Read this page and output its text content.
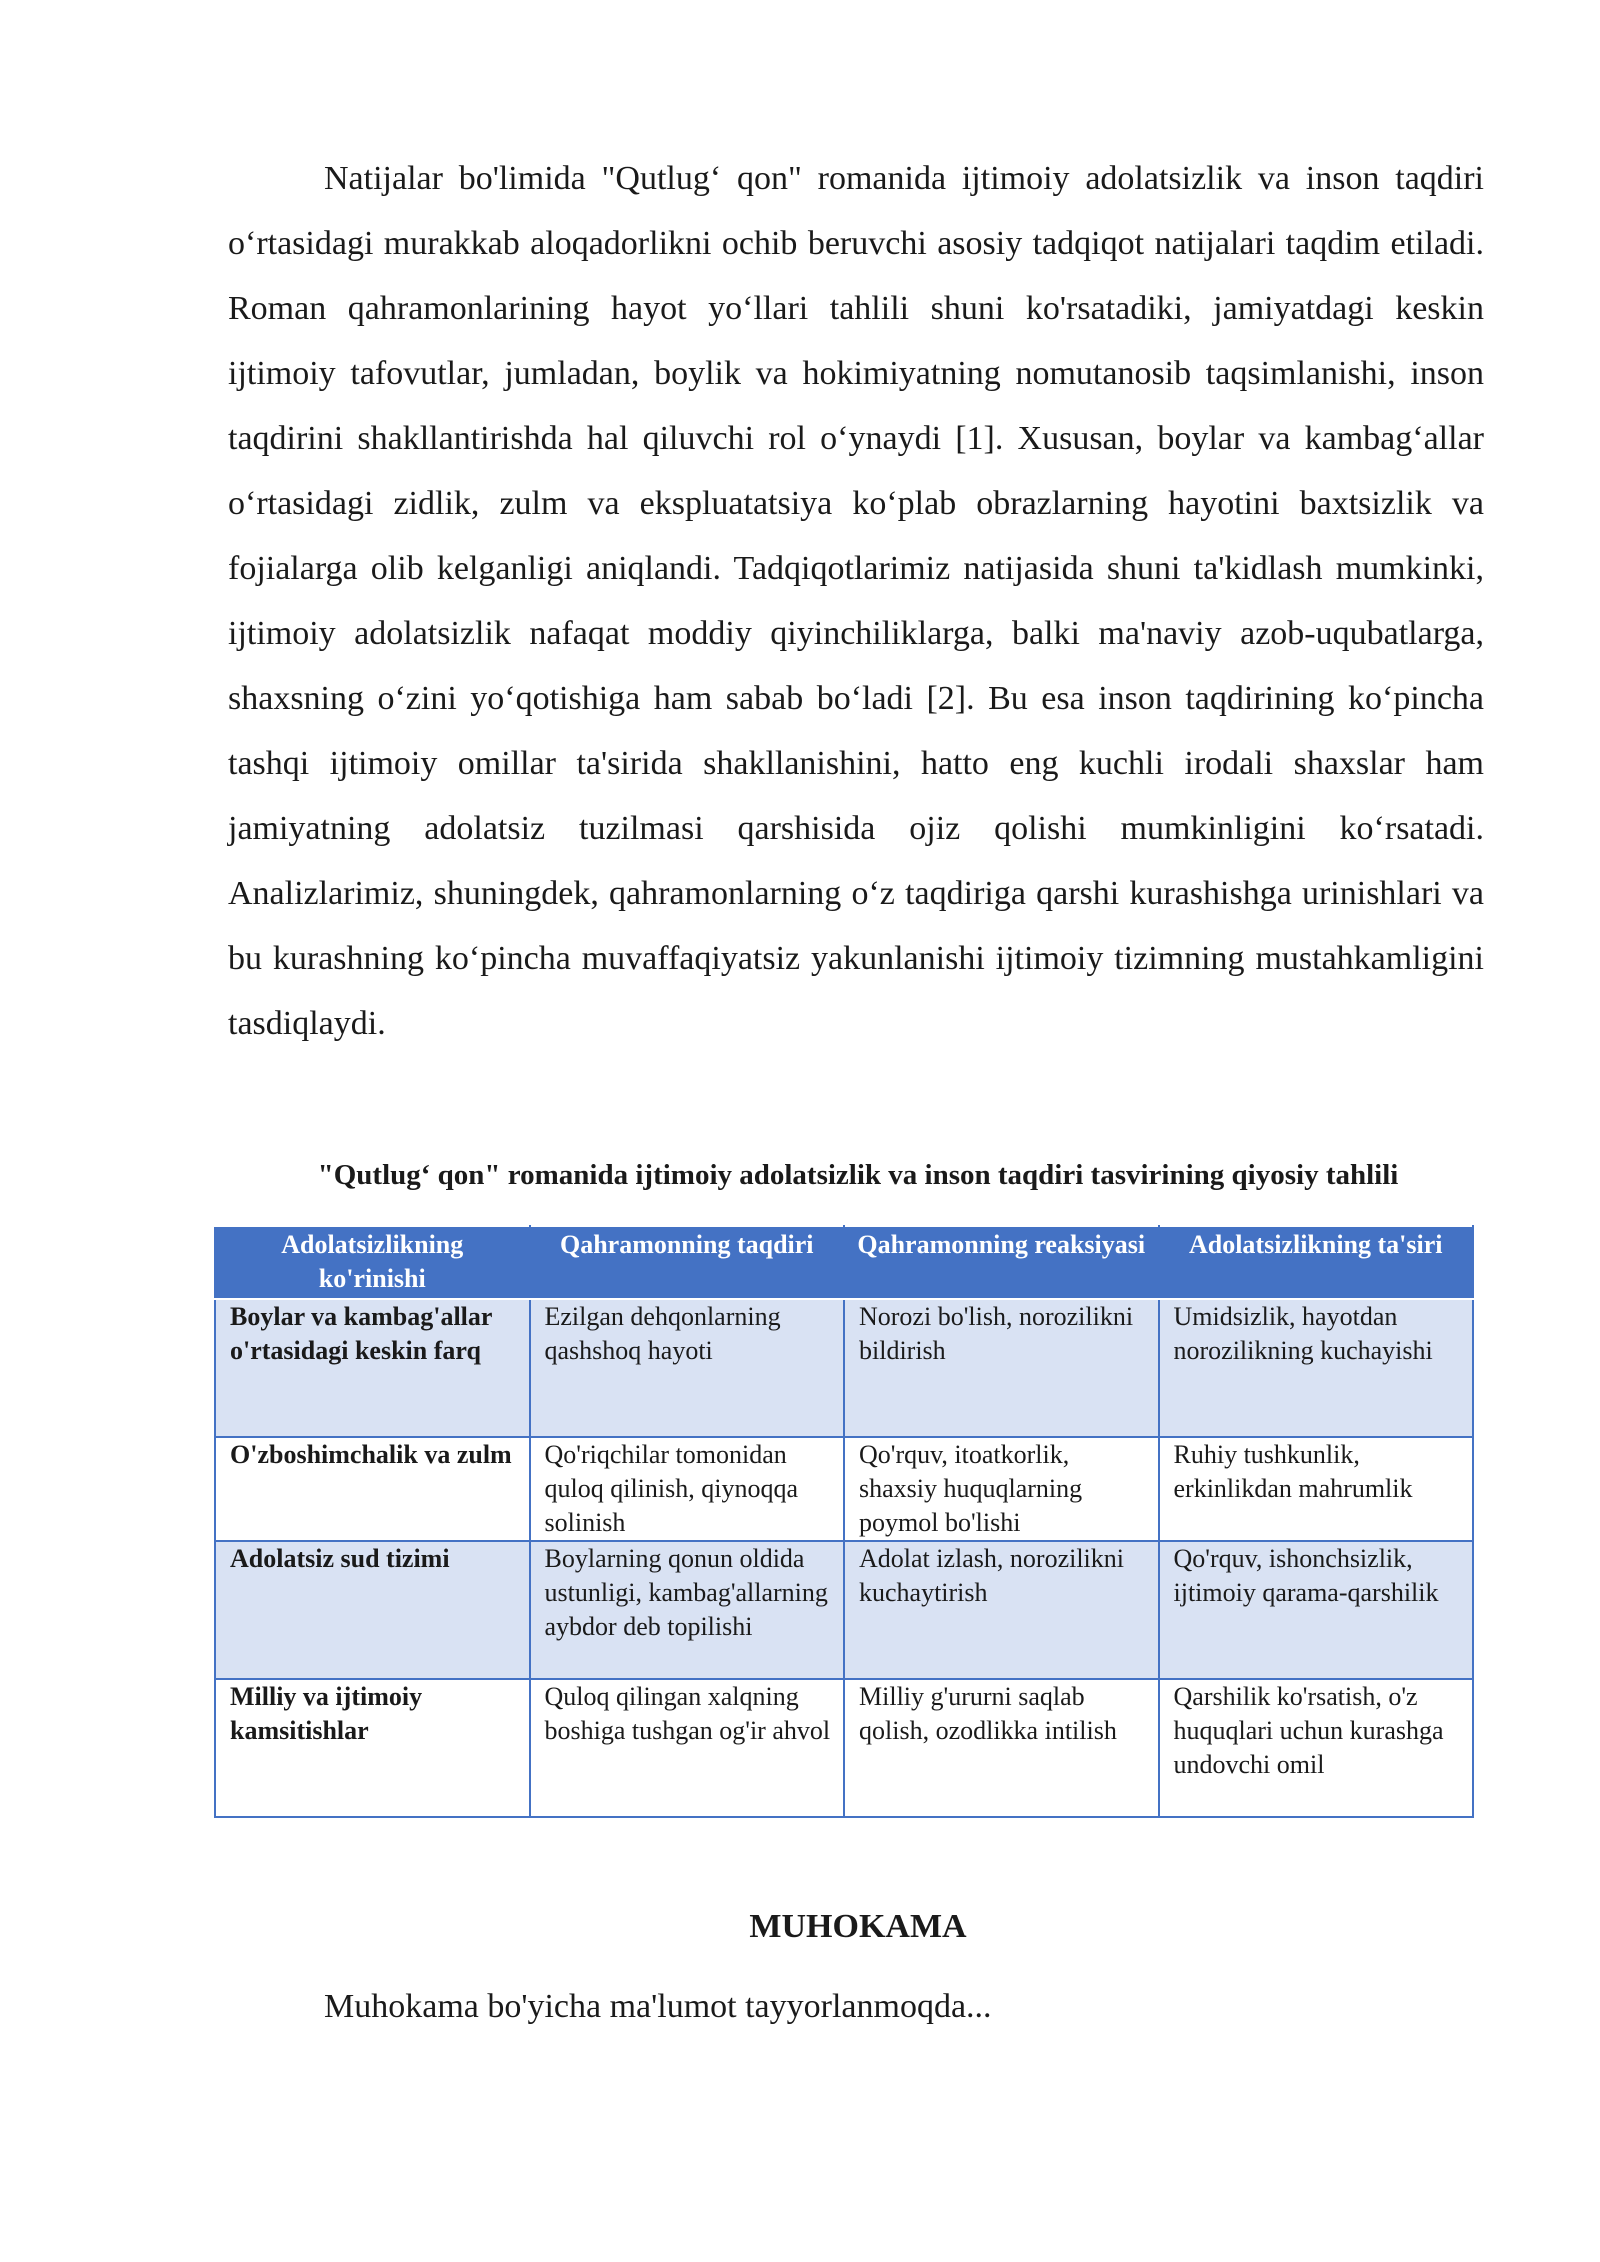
Natijalar bo'limida "Qutlug‘ qon" romanida ijtimoiy adolatsizlik va inson taqdiri o‘rtasidagi murakkab aloqadorlikni ochib beruvchi asosiy tadqiqot natijalari taqdim etiladi. Roman qahramonlarining hayot yo‘llari tahlili shuni ko'rsatadiki, jamiyatdagi keskin ijtimoiy tafovutlar, jumladan, boylik va hokimiyatning nomutanosib taqsimlanishi, inson taqdirini shakllantirishda hal qiluvchi rol o‘ynaydi [1]. Xususan, boylar va kambag‘allar o‘rtasidagi zidlik, zulm va ekspluatatsiya ko‘plab obrazlarning hayotini baxtsizlik va fojialarga olib kelganligi aniqlandi. Tadqiqotlarimiz natijasida shuni ta'kidlash mumkinki, ijtimoiy adolatsizlik nafaqat moddiy qiyinchiliklarga, balki ma'naviy azob-uqubatlarga, shaxsning o‘zini yo‘qotishiga ham sabab bo‘ladi [2]. Bu esa inson taqdirining ko‘pincha tashqi ijtimoiy omillar ta'sirida shakllanishini, hatto eng kuchli irodali shaxslar ham jamiyatning adolatsiz tuzilmasi qarshisida ojiz qolishi mumkinligini ko‘rsatadi. Analizlarimiz, shuningdek, qahramonlarning o‘z taqdiriga qarshi kurashishga urinishlari va bu kurashning ko‘pincha muvaffaqiyatsiz yakunlanishi ijtimoiy tizimning mustahkamligini tasdiqlaydi.

"Qutlug‘ qon" romanida ijtimoiy adolatsizlik va inson taqdiri tasvirining qiyosiy tahlili

Adolatsizlikning ko'rinishi	Qahramonning taqdiri	Qahramonning reaksiyasi	Adolatsizlikning ta'siri
Boylar va kambag'allar o'rtasidagi keskin farq	Ezilgan dehqonlarning qashshoq hayoti	Norozi bo'lish, norozilikni bildirish	Umidsizlik, hayotdan norozilikning kuchayishi
O'zboshimchalik va zulm	Qo'riqchilar tomonidan quloq qilinish, qiynoqqa solinish	Qo'rquv, itoatkorlik, shaxsiy huquqlarning poymol bo'lishi	Ruhiy tushkunlik, erkinlikdan mahrumlik
Adolatsiz sud tizimi	Boylarning qonun oldida ustunligi, kambag'allarning aybdor deb topilishi	Adolat izlash, norozilikni kuchaytirish	Qo'rquv, ishonchsizlik, ijtimoiy qarama-qarshilik
Milliy va ijtimoiy kamsitishlar	Quloq qilingan xalqning boshiga tushgan og'ir ahvol	Milliy g'ururni saqlab qolish, ozodlikka intilish	Qarshilik ko'rsatish, o'z huquqlari uchun kurashga undovchi omil
MUHOKAMA

Muhokama bo'yicha ma'lumot tayyorlanmoqda...
